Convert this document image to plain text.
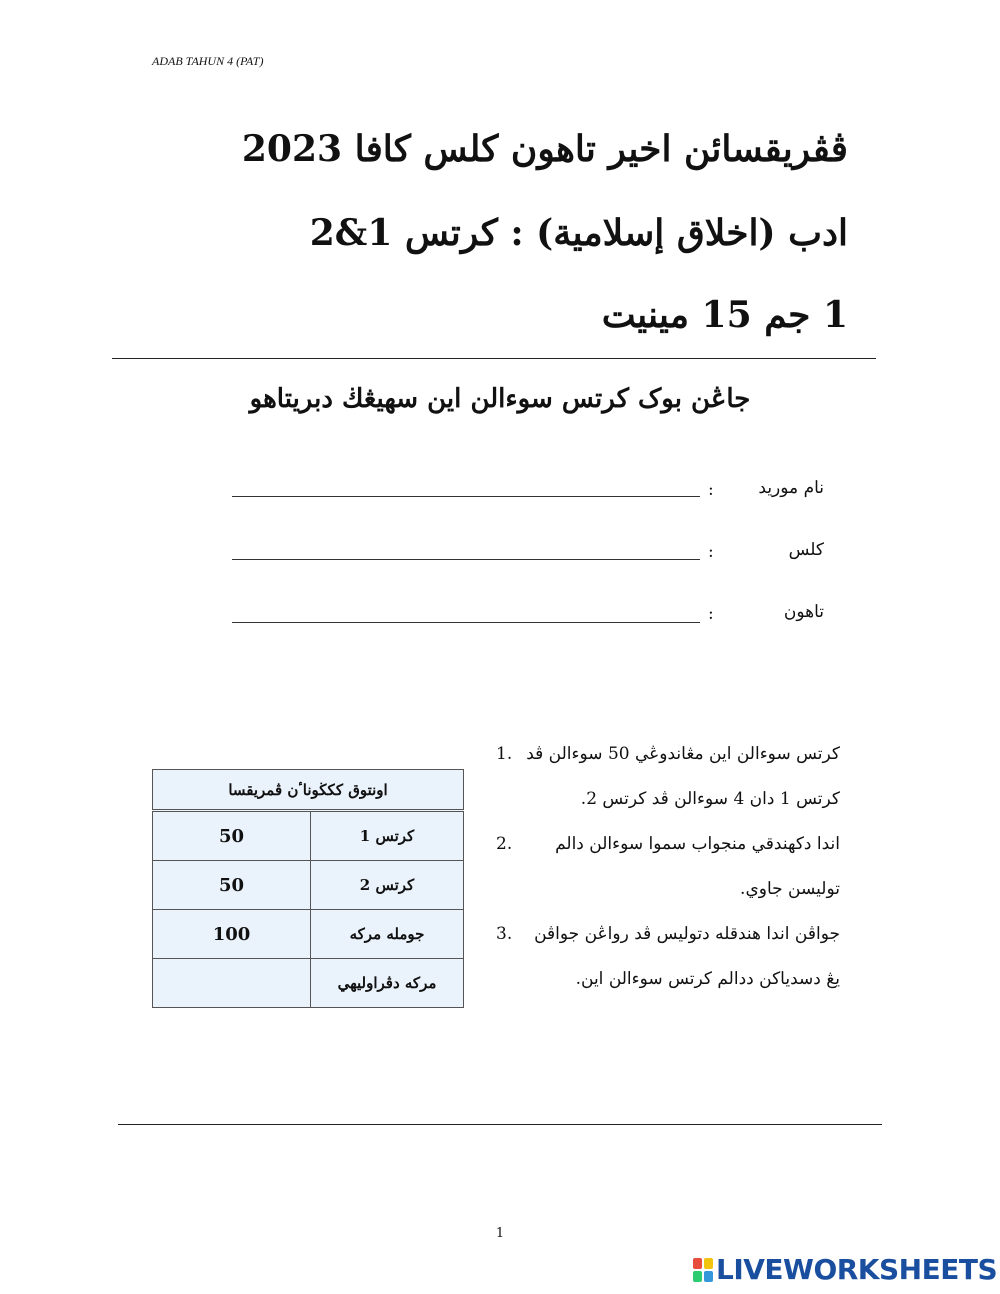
ADAB TAHUN 4 (PAT)
ڤڤريقسائن اخير تاهون كلس كافا 2023
ادب (اخلاق إسلامية) : كرتس 1&2
1 جم 15 مينيت
جاڠن بوک كرتس سوءالن اين سهيڠڬ دبريتاهو
نام موريد
:
كلس
:
تاهون
:
اونتوق ككڬوناٴن ڤمريقسا	
كرتس 1	50
كرتس 2	50
جومله مركه	100
مركه دڤراوليهي	
كرتس سوءالن اين مڠاندوڠي 50 سوءالن ڤد كرتس 1 دان 4 سوءالن ڤد كرتس 2.
1.
اندا دكهندقي منجواب سموا سوءالن دالم توليسن جاوي.
2.
جواڤن اندا هندقله دتوليس ڤد رواڠن جواڤن يڠ دسدياكن ددالم كرتس سوءالن اين.
3.
1
LIVEWORKSHEETS
